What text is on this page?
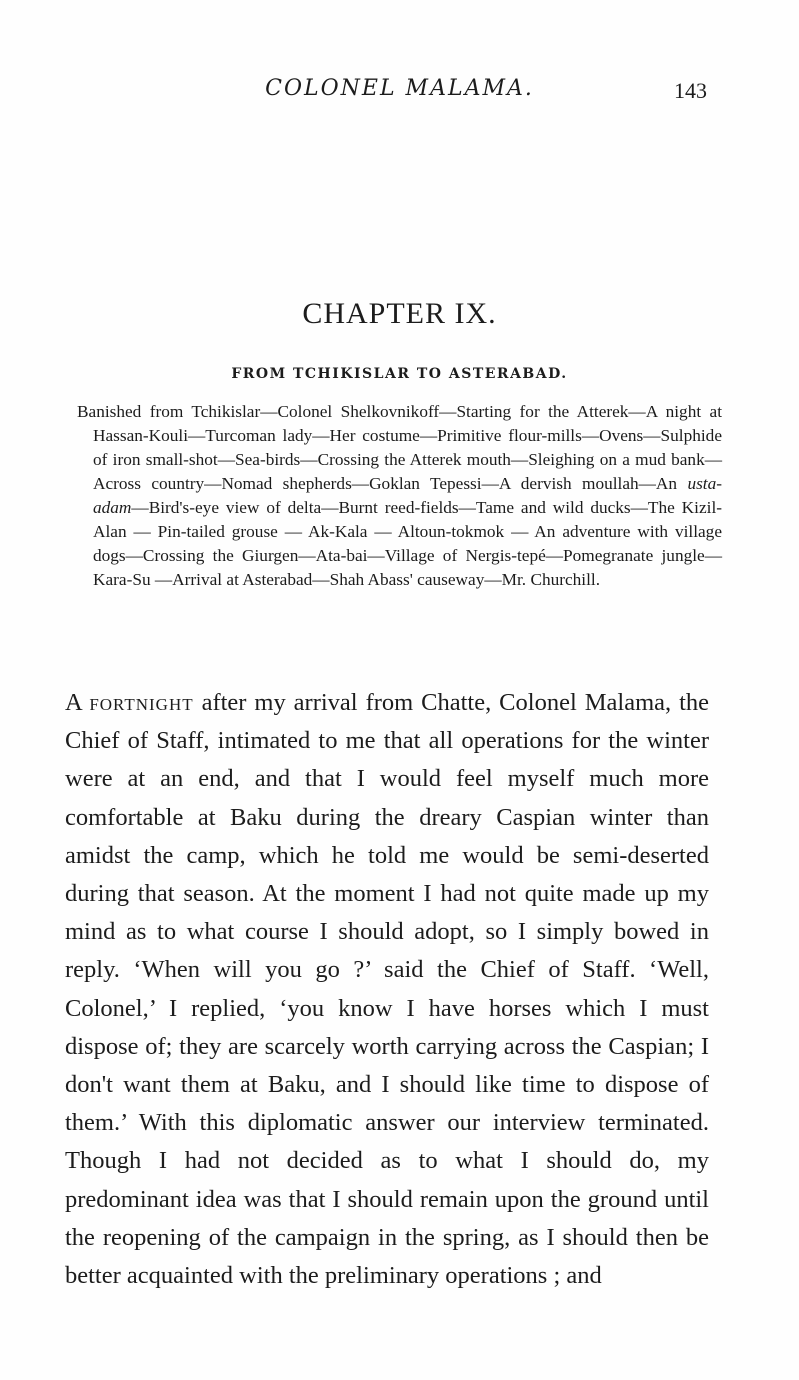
COLONEL MALAMA.	143
CHAPTER IX.
FROM TCHIKISLAR TO ASTERABAD.
Banished from Tchikislar—Colonel Shelkovnikoff—Starting for the Atterek—A night at Hassan-Kouli—Turcoman lady—Her costume—Primitive flour-mills—Ovens—Sulphide of iron small-shot—Sea-birds—Crossing the Atterek mouth—Sleighing on a mud bank—Across country—Nomad shepherds—Goklan Tepessi—A dervish moullah—An usta-adam—Bird's-eye view of delta—Burnt reed-fields—Tame and wild ducks—The Kizil-Alan — Pin-tailed grouse — Ak-Kala — Altoun-tokmok — An adventure with village dogs—Crossing the Giurgen—Ata-bai—Village of Nergis-tepé—Pomegranate jungle—Kara-Su —Arrival at Asterabad—Shah Abass' causeway—Mr. Churchill.
A fortnight after my arrival from Chatte, Colonel Malama, the Chief of Staff, intimated to me that all operations for the winter were at an end, and that I would feel myself much more comfortable at Baku during the dreary Caspian winter than amidst the camp, which he told me would be semi-deserted during that season. At the moment I had not quite made up my mind as to what course I should adopt, so I simply bowed in reply. ‘When will you go ?’ said the Chief of Staff. ‘Well, Colonel,’ I replied, ‘you know I have horses which I must dispose of; they are scarcely worth carrying across the Caspian; I don't want them at Baku, and I should like time to dispose of them.’ With this diplomatic answer our interview terminated. Though I had not decided as to what I should do, my predominant idea was that I should remain upon the ground until the reopening of the campaign in the spring, as I should then be better acquainted with the preliminary operations ; and
